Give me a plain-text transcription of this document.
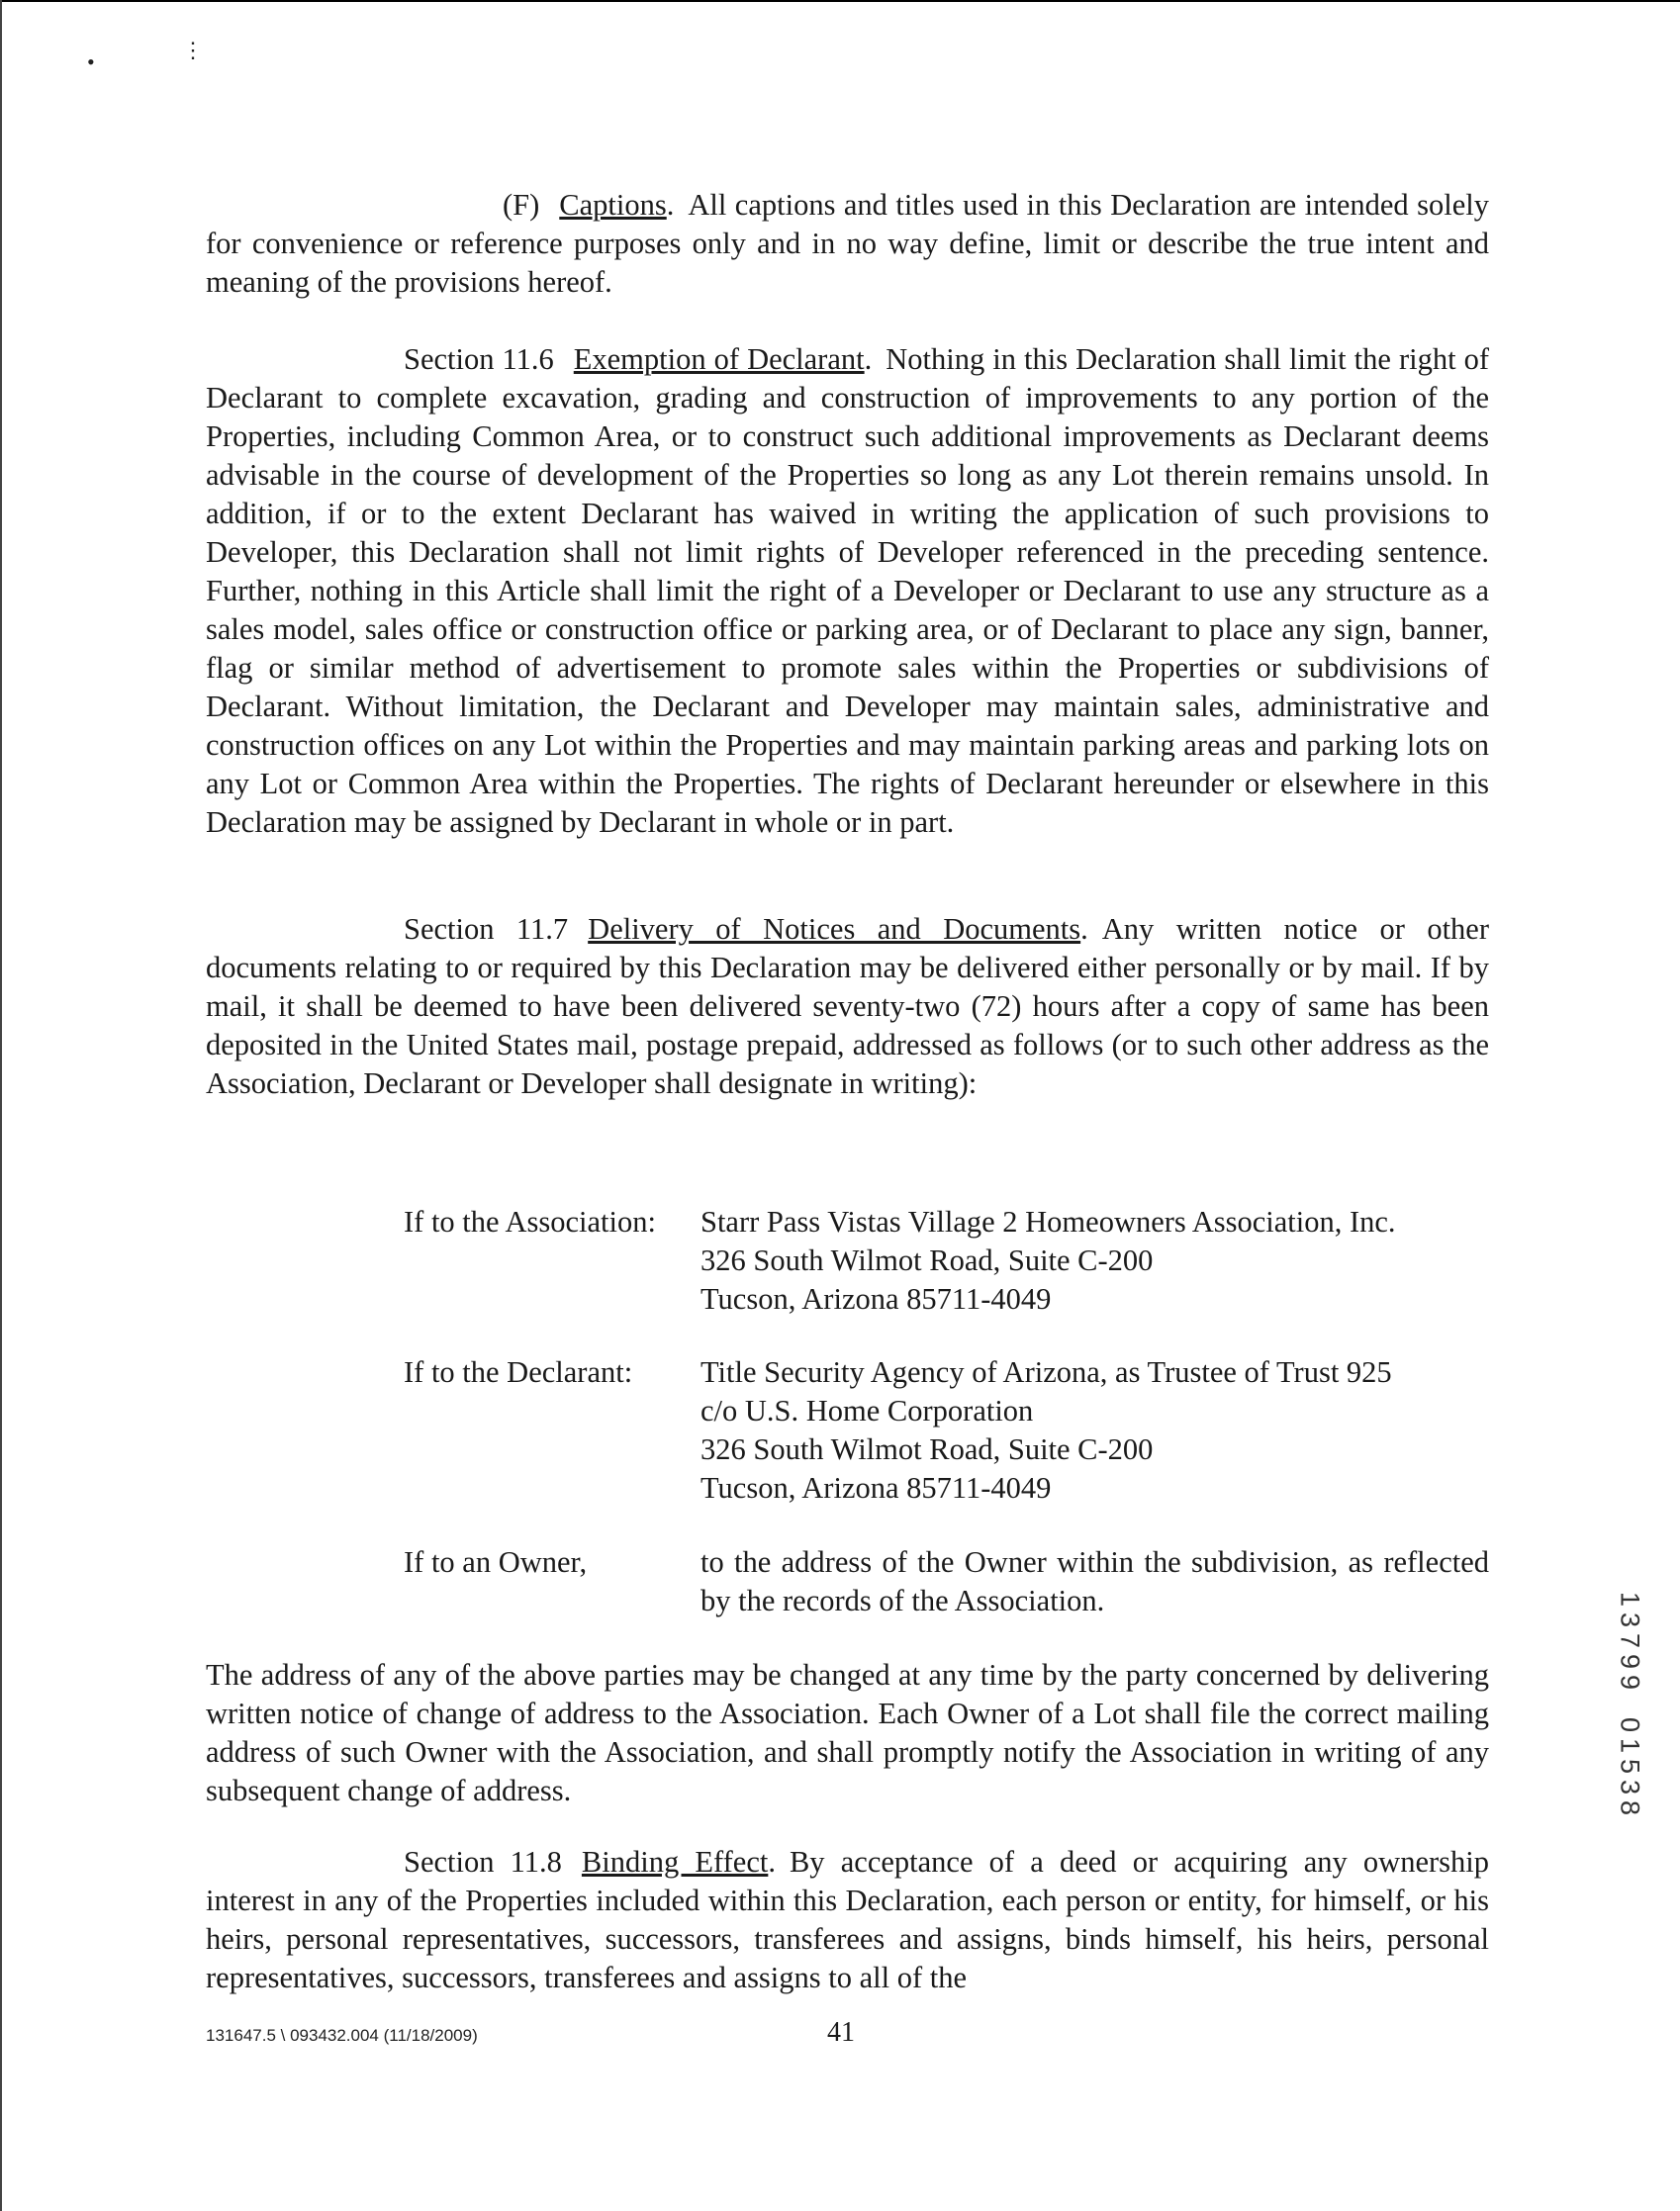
•	⋮

(F) Captions. All captions and titles used in this Declaration are intended solely for convenience or reference purposes only and in no way define, limit or describe the true intent and meaning of the provisions hereof.

Section 11.6 Exemption of Declarant. Nothing in this Declaration shall limit the right of Declarant to complete excavation, grading and construction of improvements to any portion of the Properties, including Common Area, or to construct such additional improvements as Declarant deems advisable in the course of development of the Properties so long as any Lot therein remains unsold. In addition, if or to the extent Declarant has waived in writing the application of such provisions to Developer, this Declaration shall not limit rights of Developer referenced in the preceding sentence. Further, nothing in this Article shall limit the right of a Developer or Declarant to use any structure as a sales model, sales office or construction office or parking area, or of Declarant to place any sign, banner, flag or similar method of advertisement to promote sales within the Properties or subdivisions of Declarant. Without limitation, the Declarant and Developer may maintain sales, administrative and construction offices on any Lot within the Properties and may maintain parking areas and parking lots on any Lot or Common Area within the Properties. The rights of Declarant hereunder or elsewhere in this Declaration may be assigned by Declarant in whole or in part.

Section 11.7 Delivery of Notices and Documents. Any written notice or other documents relating to or required by this Declaration may be delivered either personally or by mail. If by mail, it shall be deemed to have been delivered seventy-two (72) hours after a copy of same has been deposited in the United States mail, postage prepaid, addressed as follows (or to such other address as the Association, Declarant or Developer shall designate in writing):

If to the Association: Starr Pass Vistas Village 2 Homeowners Association, Inc.
326 South Wilmot Road, Suite C-200
Tucson, Arizona 85711-4049
If to the Declarant: Title Security Agency of Arizona, as Trustee of Trust 925
c/o U.S. Home Corporation
326 South Wilmot Road, Suite C-200
Tucson, Arizona 85711-4049
If to an Owner,	to the address of the Owner within the subdivision, as reflected by the records of the Association.

The address of any of the above parties may be changed at any time by the party concerned by delivering written notice of change of address to the Association. Each Owner of a Lot shall file the correct mailing address of such Owner with the Association, and shall promptly notify the Association in writing of any subsequent change of address.

Section 11.8 Binding Effect. By acceptance of a deed or acquiring any ownership interest in any of the Properties included within this Declaration, each person or entity, for himself, or his heirs, personal representatives, successors, transferees and assigns, binds himself, his heirs, personal representatives, successors, transferees and assigns to all of the

131647.5 \ 093432.004 (11/18/2009)	41
1
3
7
9
9
0
1
5
3
8
